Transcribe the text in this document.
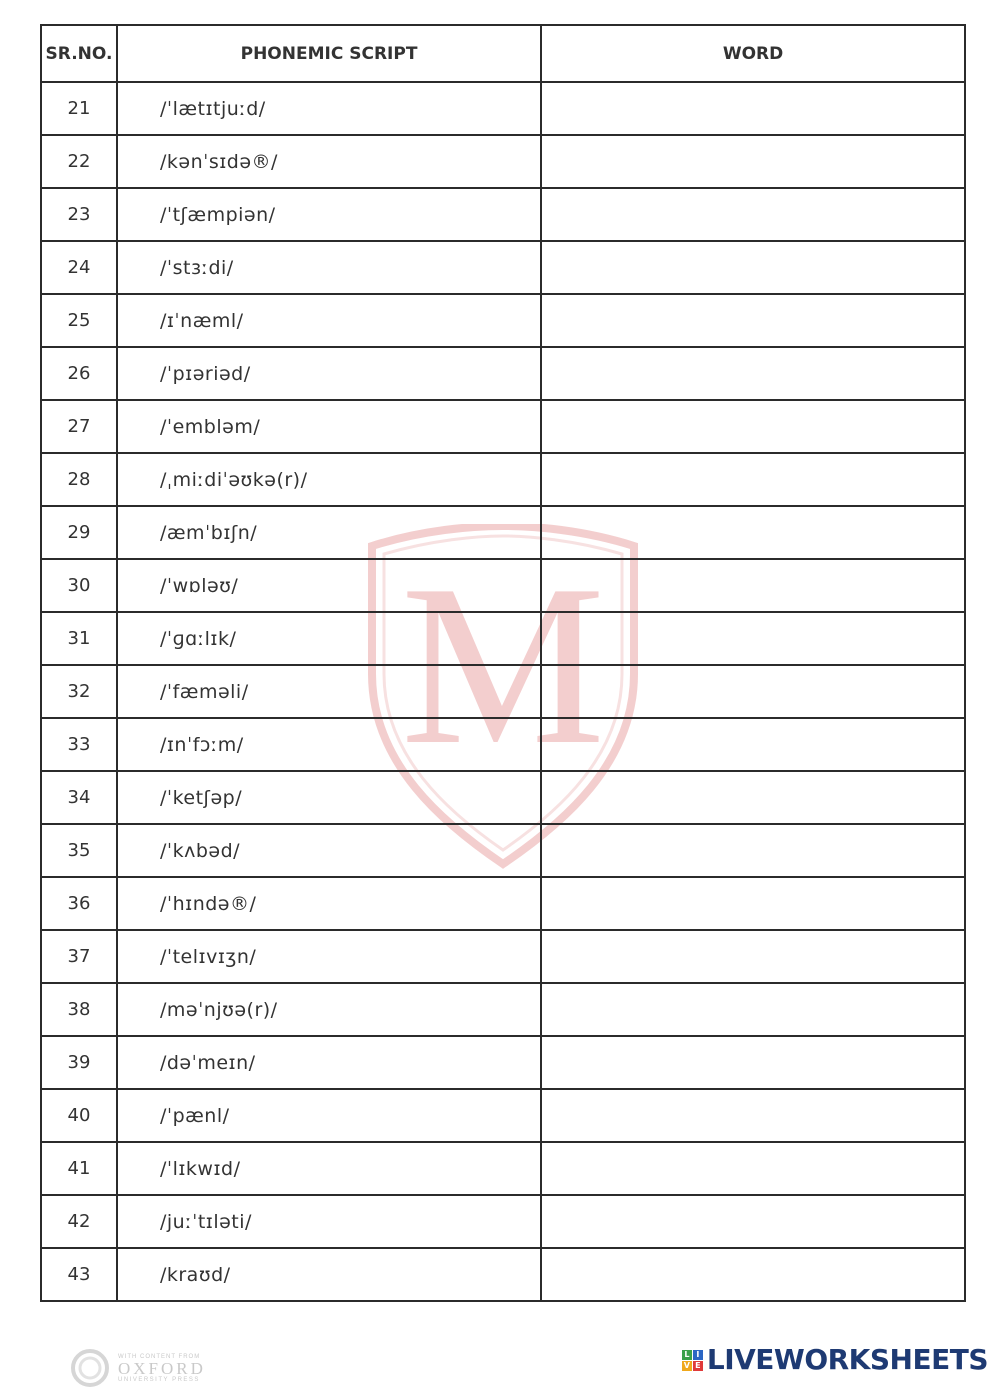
M
SR.NO.	PHONEMIC SCRIPT	WORD
21	/ˈlætɪtjuːd/	
22	/kənˈsɪdə®/	
23	/ˈtʃæmpiən/	
24	/ˈstɜːdi/	
25	/ɪˈnæml/	
26	/ˈpɪəriəd/	
27	/ˈembləm/	
28	/ˌmiːdiˈəʊkə(r)/	
29	/æmˈbɪʃn/	
30	/ˈwɒləʊ/	
31	/ˈɡɑːlɪk/	
32	/ˈfæməli/	
33	/ɪnˈfɔːm/	
34	/ˈketʃəp/	
35	/ˈkʌbəd/	
36	/ˈhɪndə®/	
37	/ˈtelɪvɪʒn/	
38	/məˈnjʊə(r)/	
39	/dəˈmeɪn/	
40	/ˈpænl/	
41	/ˈlɪkwɪd/	
42	/juːˈtɪləti/	
43	/kraʊd/	
WITH CONTENT FROM
OXFORD
UNIVERSITY PRESS
L I
V E LIVEWORKSHEETS
